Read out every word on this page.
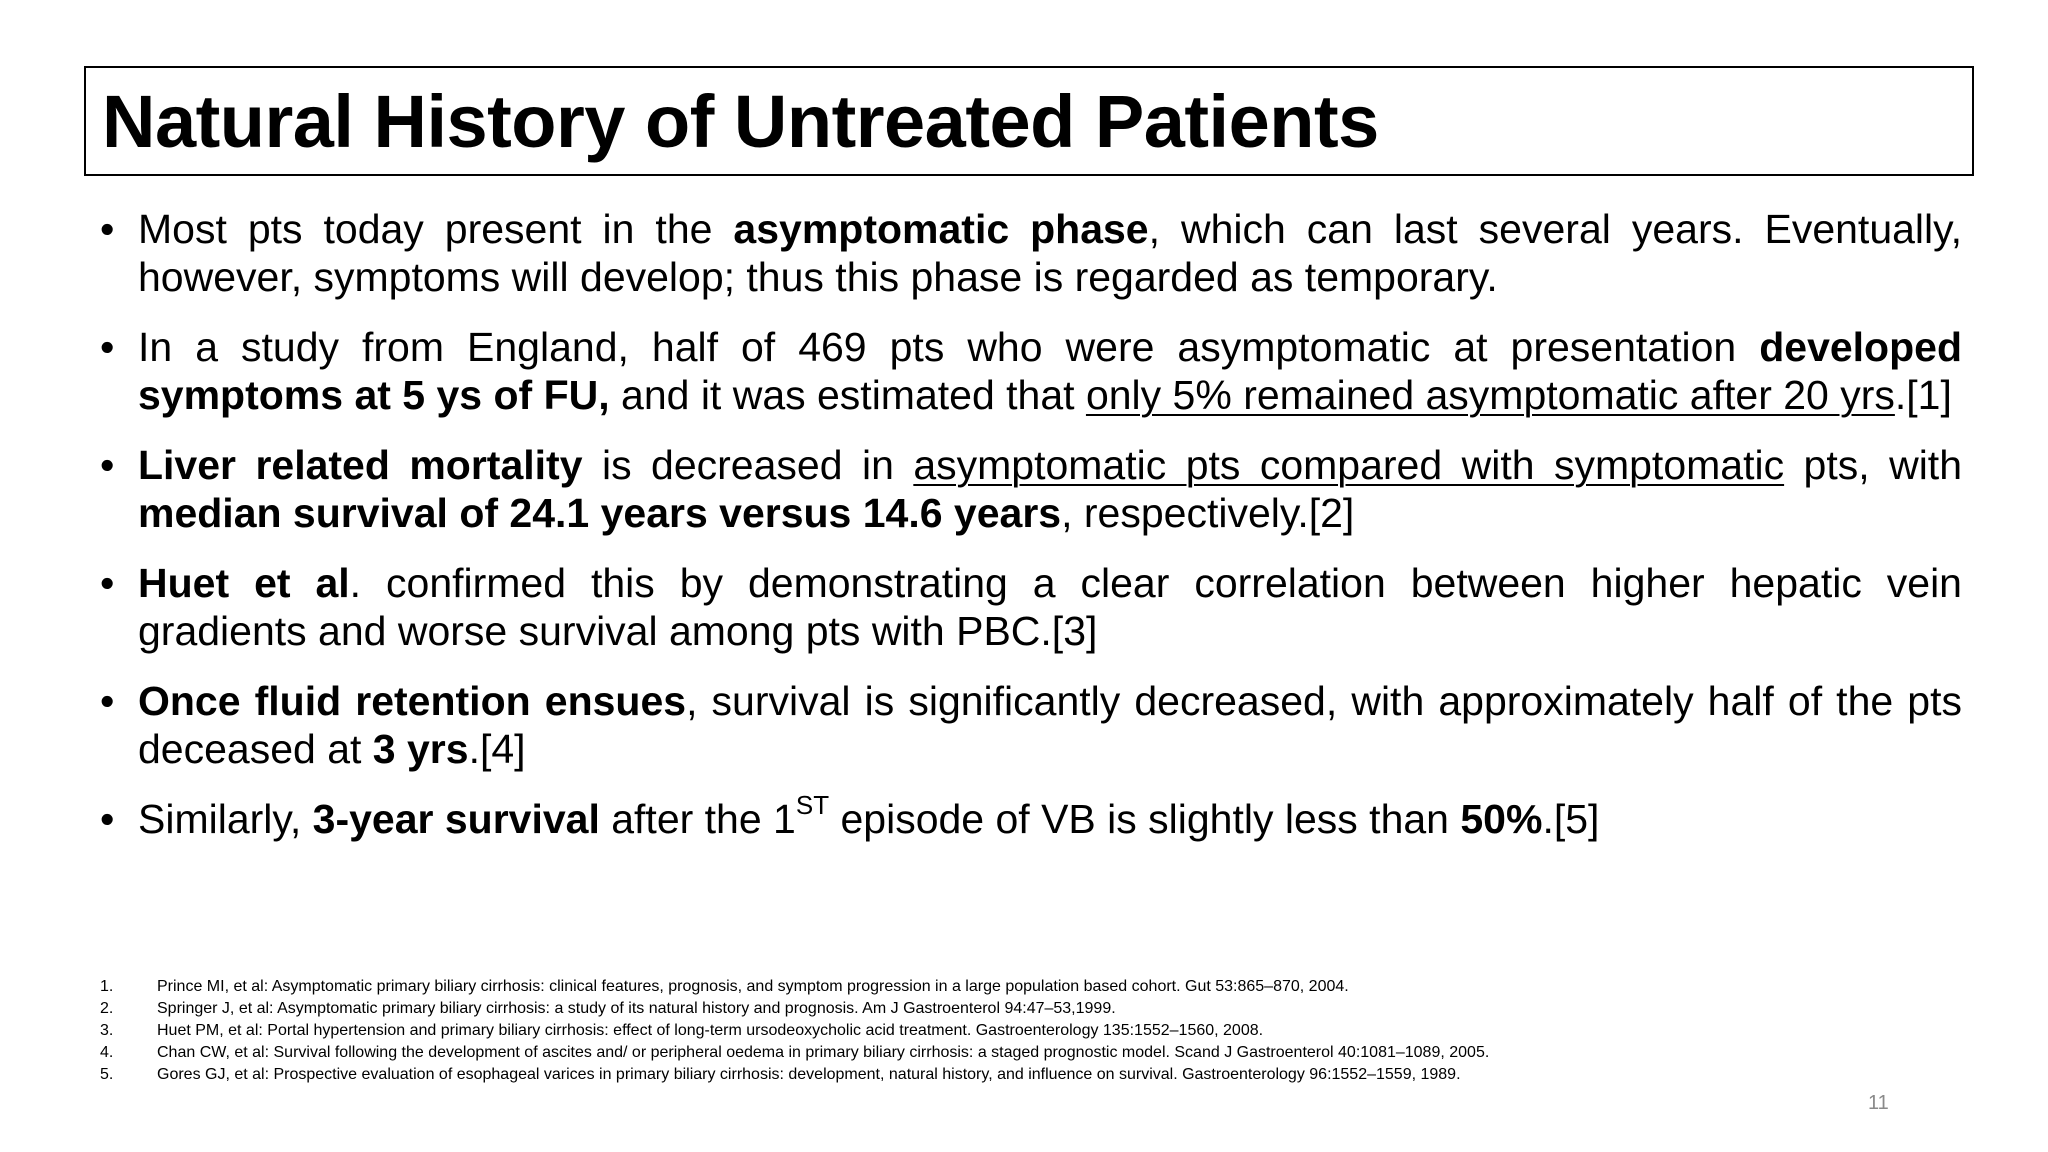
Natural History of Untreated Patients
• Most pts today present in the asymptomatic phase, which can last several years. Eventually, however, symptoms will develop; thus this phase is regarded as temporary.
• In a study from England, half of 469 pts who were asymptomatic at presentation developed symptoms at 5 ys of FU, and it was estimated that only 5% remained asymptomatic after 20 yrs.[1]
• Liver related mortality is decreased in asymptomatic pts compared with symptomatic pts, with median survival of 24.1 years versus 14.6 years, respectively.[2]
• Huet et al. confirmed this by demonstrating a clear correlation between higher hepatic vein gradients and worse survival among pts with PBC.[3]
• Once fluid retention ensues, survival is significantly decreased, with approximately half of the pts deceased at 3 yrs.[4]
• Similarly, 3-year survival after the 1ST episode of VB is slightly less than 50%.[5]
1.	Prince MI, et al: Asymptomatic primary biliary cirrhosis: clinical features, prognosis, and symptom progression in a large population based cohort. Gut 53:865–870, 2004.
2.	Springer J, et al: Asymptomatic primary biliary cirrhosis: a study of its natural history and prognosis. Am J Gastroenterol 94:47–53,1999.
3.	Huet PM, et al: Portal hypertension and primary biliary cirrhosis: effect of long-term ursodeoxycholic acid treatment. Gastroenterology 135:1552–1560, 2008.
4.	Chan CW, et al: Survival following the development of ascites and/ or peripheral oedema in primary biliary cirrhosis: a staged prognostic model. Scand J Gastroenterol 40:1081–1089, 2005.
5.	Gores GJ, et al: Prospective evaluation of esophageal varices in primary biliary cirrhosis: development, natural history, and influence on survival. Gastroenterology 96:1552–1559, 1989.
11
